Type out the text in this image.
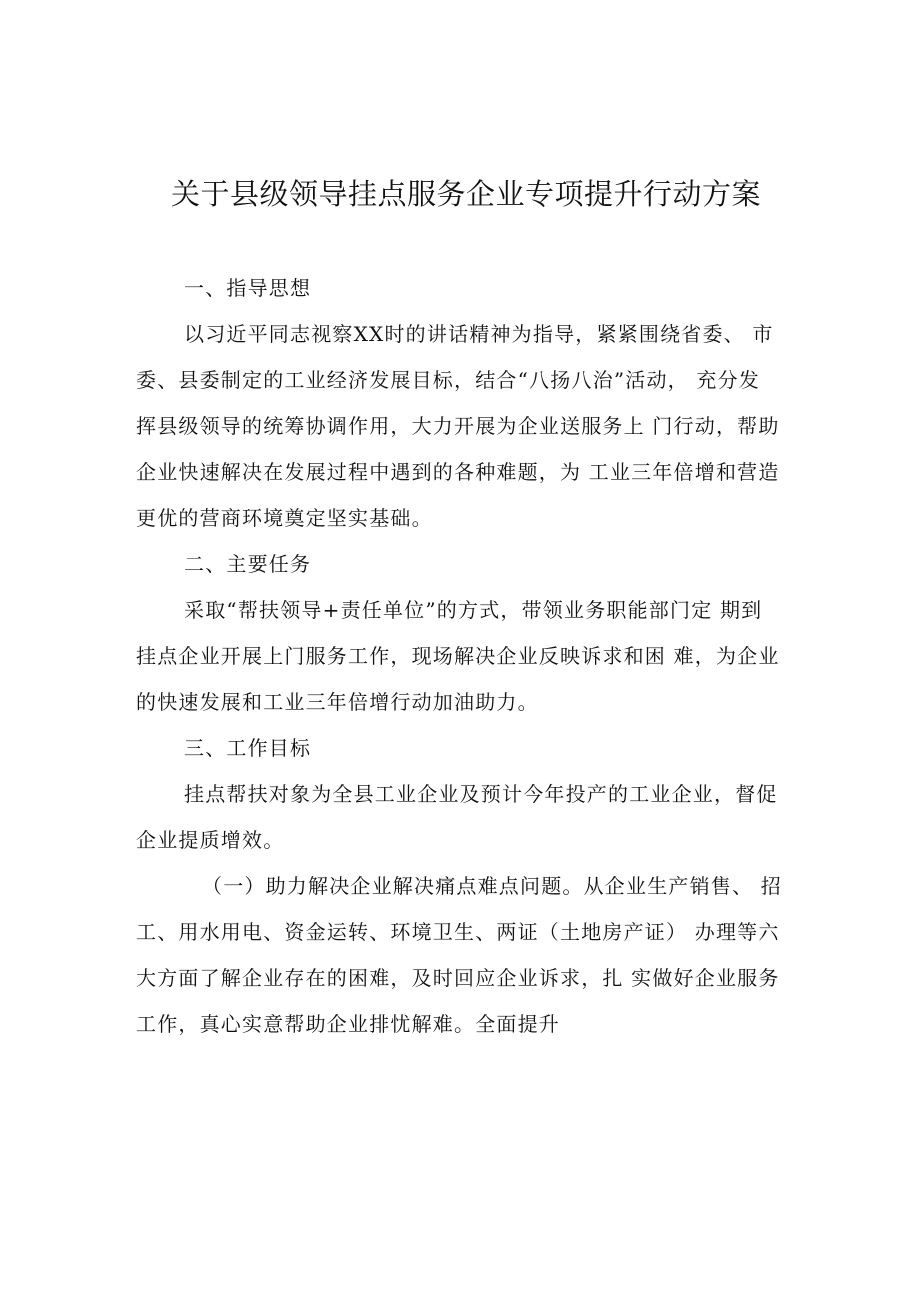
关于县级领导挂点服务企业专项提升行动方案
一、指导思想
以习近平同志视察XX时的讲话精神为指导，紧紧围绕省委、 市
委、县委制定的工业经济发展目标，结合“八扬八治”活动， 充分发
挥县级领导的统筹协调作用，大力开展为企业送服务上 门行动，帮助
企业快速解决在发展过程中遇到的各种难题，为 工业三年倍增和营造
更优的营商环境奠定坚实基础。
二、主要任务
采取“帮扶领导+责任单位”的方式，带领业务职能部门定 期到
挂点企业开展上门服务工作，现场解决企业反映诉求和困 难，为企业
的快速发展和工业三年倍增行动加油助力。
三、工作目标
挂点帮扶对象为全县工业企业及预计今年投产的工业企业，督促
企业提质增效。
（一）助力解决企业解决痛点难点问题。从企业生产销售、 招
工、用水用电、资金运转、环境卫生、两证（土地房产证） 办理等六
大方面了解企业存在的困难，及时回应企业诉求，扎 实做好企业服务
工作，真心实意帮助企业排忧解难。全面提升
